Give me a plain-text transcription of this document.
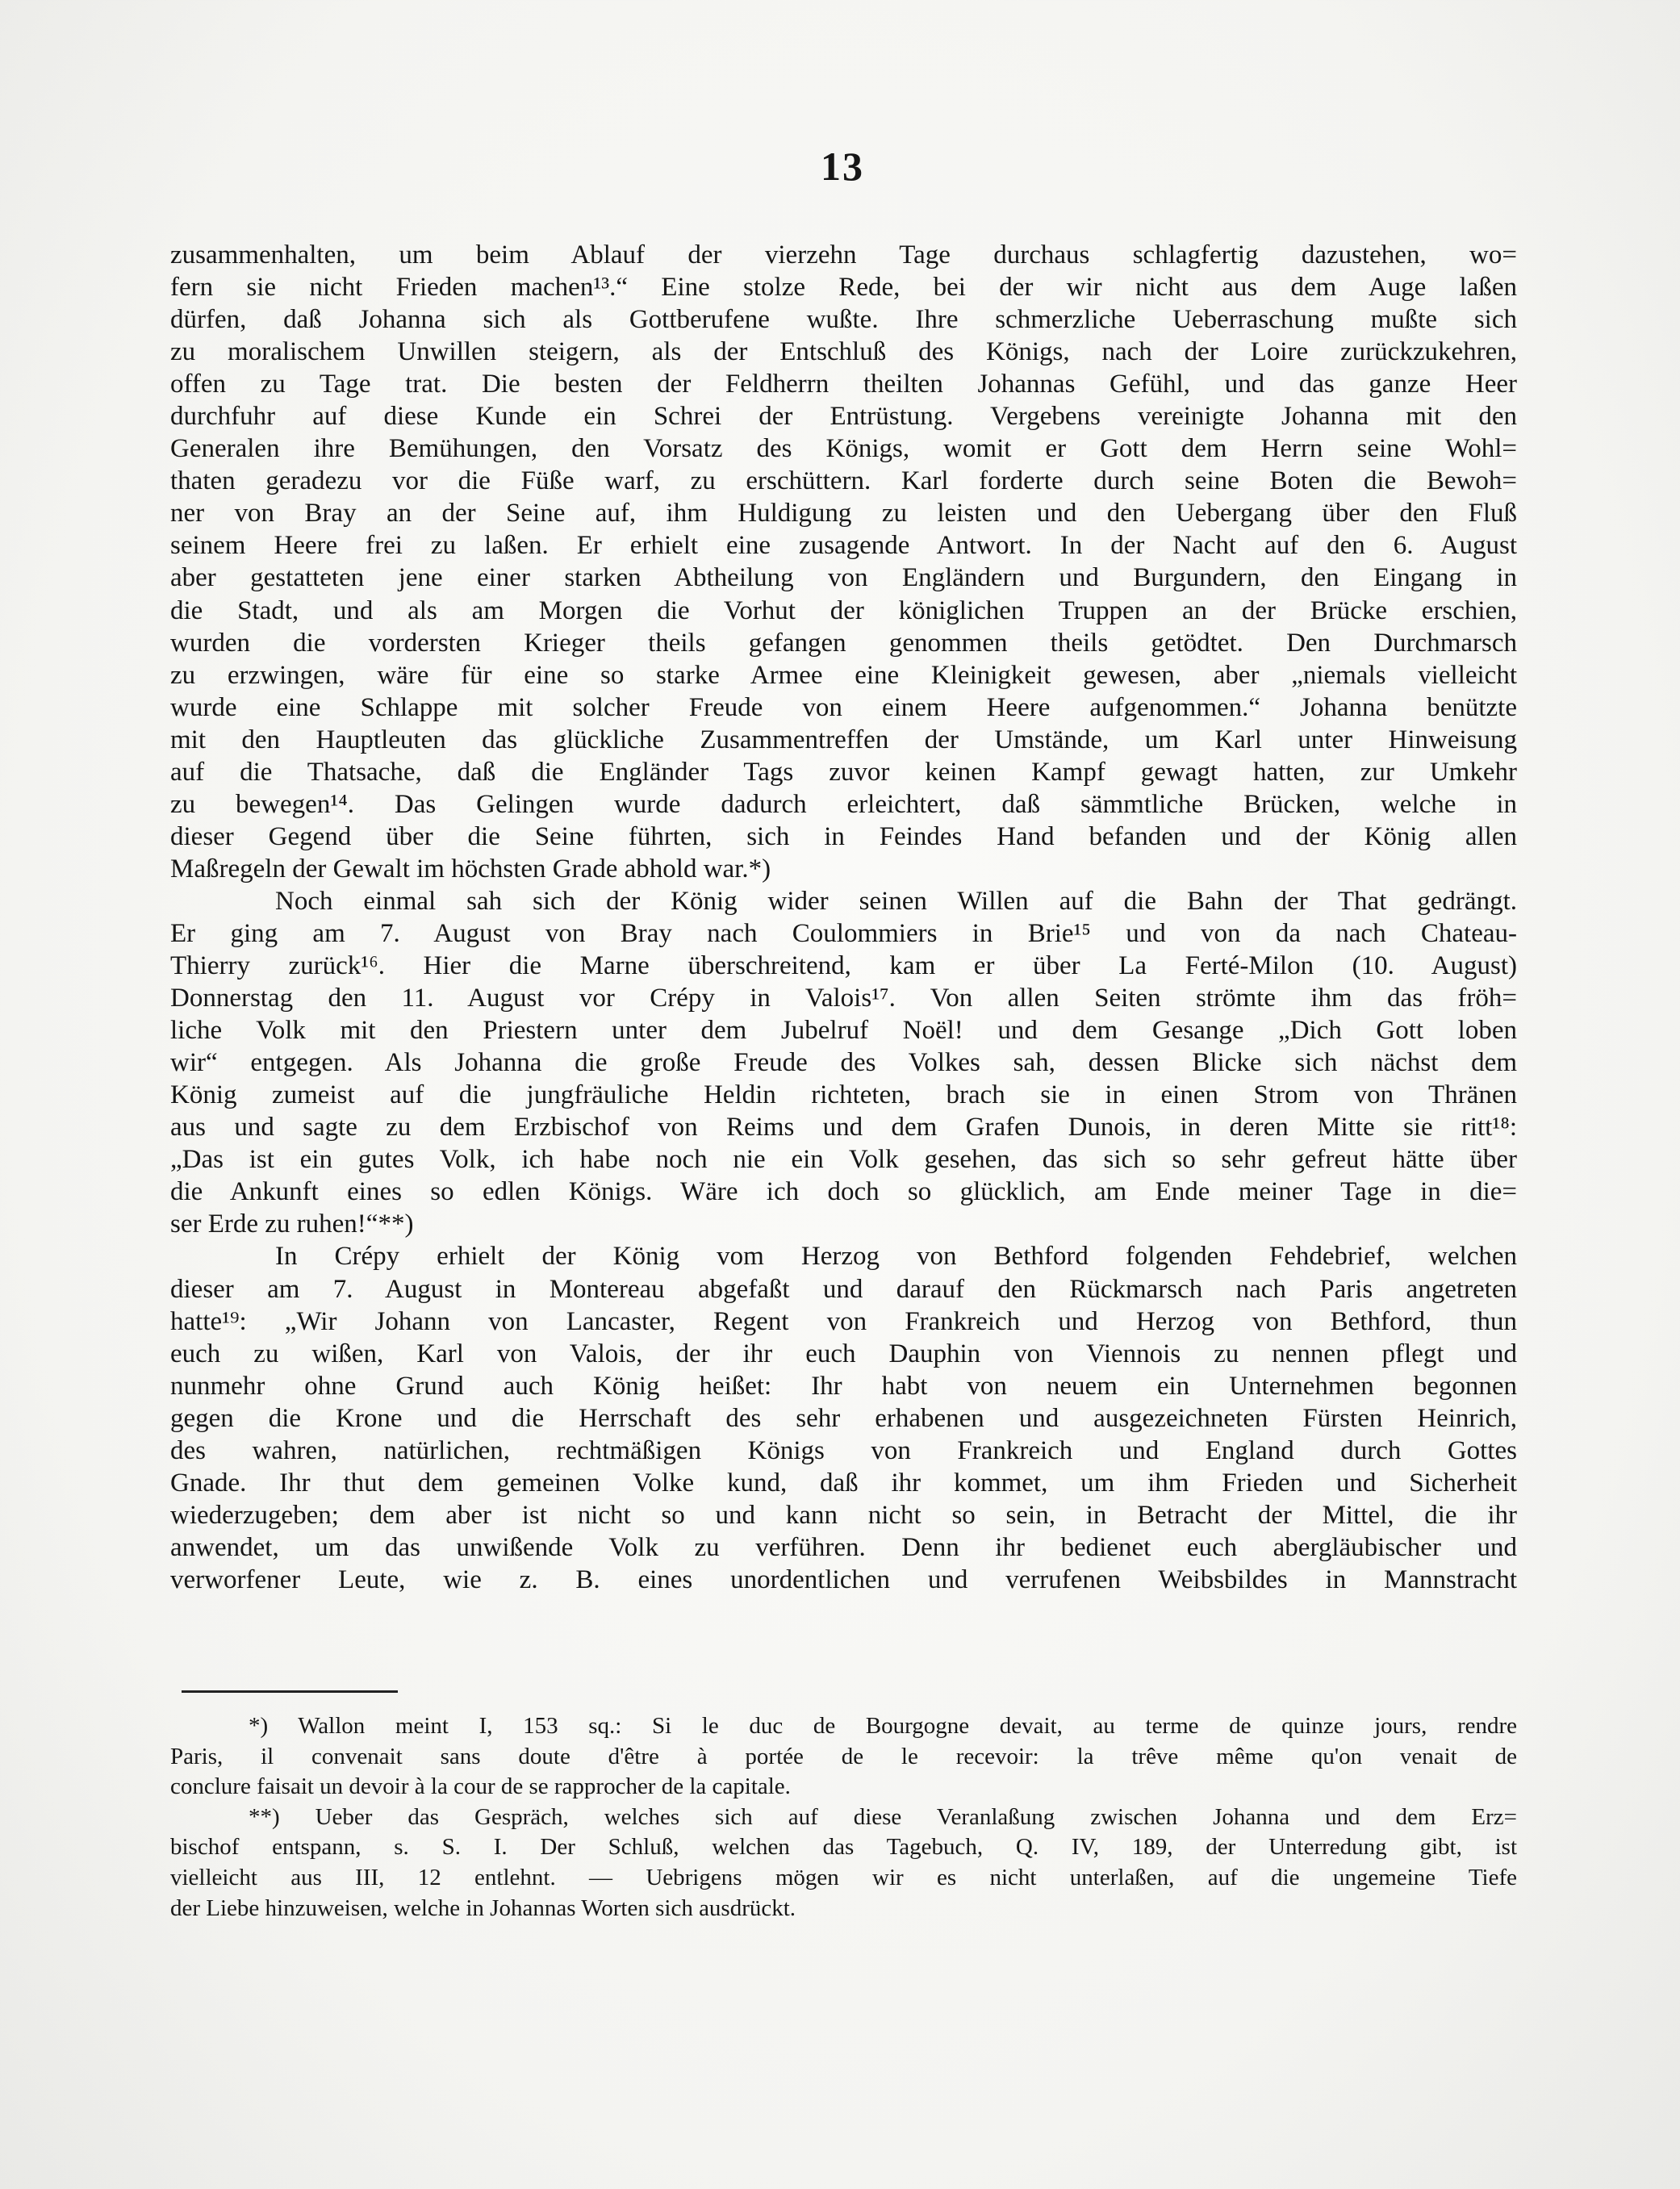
13
zusammenhalten, um beim Ablauf der vierzehn Tage durchaus schlagfertig dazustehen, wo=
fern sie nicht Frieden machen¹³.“ Eine stolze Rede, bei der wir nicht aus dem Auge laßen
dürfen, daß Johanna sich als Gottberufene wußte. Ihre schmerzliche Ueberraschung mußte sich
zu moralischem Unwillen steigern, als der Entschluß des Königs, nach der Loire zurückzukehren,
offen zu Tage trat. Die besten der Feldherrn theilten Johannas Gefühl, und das ganze Heer
durchfuhr auf diese Kunde ein Schrei der Entrüstung. Vergebens vereinigte Johanna mit den
Generalen ihre Bemühungen, den Vorsatz des Königs, womit er Gott dem Herrn seine Wohl=
thaten geradezu vor die Füße warf, zu erschüttern. Karl forderte durch seine Boten die Bewoh=
ner von Bray an der Seine auf, ihm Huldigung zu leisten und den Uebergang über den Fluß
seinem Heere frei zu laßen. Er erhielt eine zusagende Antwort. In der Nacht auf den 6. August
aber gestatteten jene einer starken Abtheilung von Engländern und Burgundern, den Eingang in
die Stadt, und als am Morgen die Vorhut der königlichen Truppen an der Brücke erschien,
wurden die vordersten Krieger theils gefangen genommen theils getödtet. Den Durchmarsch
zu erzwingen, wäre für eine so starke Armee eine Kleinigkeit gewesen, aber „niemals vielleicht
wurde eine Schlappe mit solcher Freude von einem Heere aufgenommen.“ Johanna benützte
mit den Hauptleuten das glückliche Zusammentreffen der Umstände, um Karl unter Hinweisung
auf die Thatsache, daß die Engländer Tags zuvor keinen Kampf gewagt hatten, zur Umkehr
zu bewegen¹⁴. Das Gelingen wurde dadurch erleichtert, daß sämmtliche Brücken, welche in
dieser Gegend über die Seine führten, sich in Feindes Hand befanden und der König allen
Maßregeln der Gewalt im höchsten Grade abhold war.*)
Noch einmal sah sich der König wider seinen Willen auf die Bahn der That gedrängt.
Er ging am 7. August von Bray nach Coulommiers in Brie¹⁵ und von da nach Chateau-
Thierry zurück¹⁶. Hier die Marne überschreitend, kam er über La Ferté-Milon (10. August)
Donnerstag den 11. August vor Crépy in Valois¹⁷. Von allen Seiten strömte ihm das fröh=
liche Volk mit den Priestern unter dem Jubelruf Noël! und dem Gesange „Dich Gott loben
wir“ entgegen. Als Johanna die große Freude des Volkes sah, dessen Blicke sich nächst dem
König zumeist auf die jungfräuliche Heldin richteten, brach sie in einen Strom von Thränen
aus und sagte zu dem Erzbischof von Reims und dem Grafen Dunois, in deren Mitte sie ritt¹⁸:
„Das ist ein gutes Volk, ich habe noch nie ein Volk gesehen, das sich so sehr gefreut hätte über
die Ankunft eines so edlen Königs. Wäre ich doch so glücklich, am Ende meiner Tage in die=
ser Erde zu ruhen!“**)
In Crépy erhielt der König vom Herzog von Bethford folgenden Fehdebrief, welchen
dieser am 7. August in Montereau abgefaßt und darauf den Rückmarsch nach Paris angetreten
hatte¹⁹: „Wir Johann von Lancaster, Regent von Frankreich und Herzog von Bethford, thun
euch zu wißen, Karl von Valois, der ihr euch Dauphin von Viennois zu nennen pflegt und
nunmehr ohne Grund auch König heißet: Ihr habt von neuem ein Unternehmen begonnen
gegen die Krone und die Herrschaft des sehr erhabenen und ausgezeichneten Fürsten Heinrich,
des wahren, natürlichen, rechtmäßigen Königs von Frankreich und England durch Gottes
Gnade. Ihr thut dem gemeinen Volke kund, daß ihr kommet, um ihm Frieden und Sicherheit
wiederzugeben; dem aber ist nicht so und kann nicht so sein, in Betracht der Mittel, die ihr
anwendet, um das unwißende Volk zu verführen. Denn ihr bedienet euch abergläubischer und
verworfener Leute, wie z. B. eines unordentlichen und verrufenen Weibsbildes in Mannstracht
*) Wallon meint I, 153 sq.: Si le duc de Bourgogne devait, au terme de quinze jours, rendre
Paris, il convenait sans doute d'être à portée de le recevoir: la trêve même qu'on venait de
conclure faisait un devoir à la cour de se rapprocher de la capitale.
**) Ueber das Gespräch, welches sich auf diese Veranlaßung zwischen Johanna und dem Erz=
bischof entspann, s. S. I. Der Schluß, welchen das Tagebuch, Q. IV, 189, der Unterredung gibt, ist
vielleicht aus III, 12 entlehnt. — Uebrigens mögen wir es nicht unterlaßen, auf die ungemeine Tiefe
der Liebe hinzuweisen, welche in Johannas Worten sich ausdrückt.
